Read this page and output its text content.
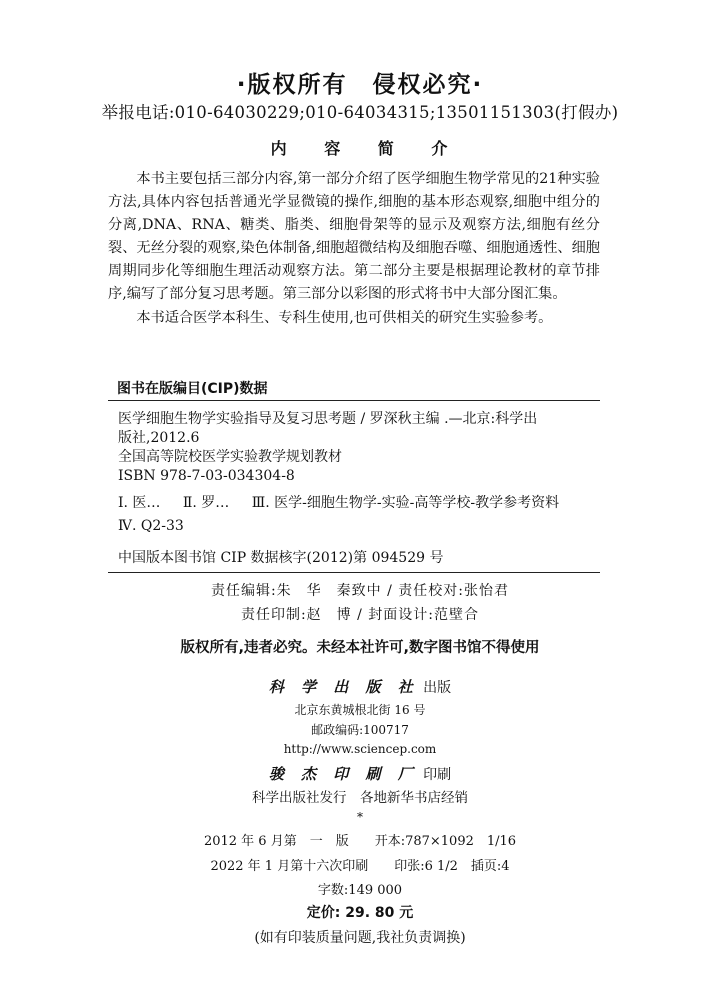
·版权所有　侵权必究·
举报电话:010-64030229;010-64034315;13501151303(打假办)
内 容 简 介

本书主要包括三部分内容,第一部分介绍了医学细胞生物学常见的21种实验方法,具体内容包括普通光学显微镜的操作,细胞的基本形态观察,细胞中组分的分离,DNA、RNA、糖类、脂类、细胞骨架等的显示及观察方法,细胞有丝分裂、无丝分裂的观察,染色体制备,细胞超微结构及细胞吞噬、细胞通透性、细胞周期同步化等细胞生理活动观察方法。第二部分主要是根据理论教材的章节排序,编写了部分复习思考题。第三部分以彩图的形式将书中大部分图汇集。

本书适合医学本科生、专科生使用,也可供相关的研究生实验参考。

图书在版编目(CIP)数据
医学细胞生物学实验指导及复习思考题 / 罗深秋主编 .—北京:科学出
版社,2012.6
全国高等院校医学实验教学规划教材
ISBN 978-7-03-034304-8
Ⅰ. 医… Ⅱ. 罗… Ⅲ. 医学-细胞生物学-实验-高等学校-教学参考资料
Ⅳ. Q2-33
中国版本图书馆 CIP 数据核字(2012)第 094529 号
责任编辑:朱　华　秦致中 / 责任校对:张怡君
责任印制:赵　博 / 封面设计:范壁合
版权所有,违者必究。未经本社许可,数字图书馆不得使用
科 学 出 版 社 出版
北京东黄城根北街 16 号
邮政编码:100717
http://www.sciencep.com
骏 杰 印 刷 厂 印刷
科学出版社发行　各地新华书店经销
*
2012 年 6 月第　一　版　　开本:787×1092　1/16
2022 年 1 月第十六次印刷　　印张:6 1/2　插页:4
字数:149 000
定价: 29. 80 元
(如有印装质量问题,我社负责调换)
